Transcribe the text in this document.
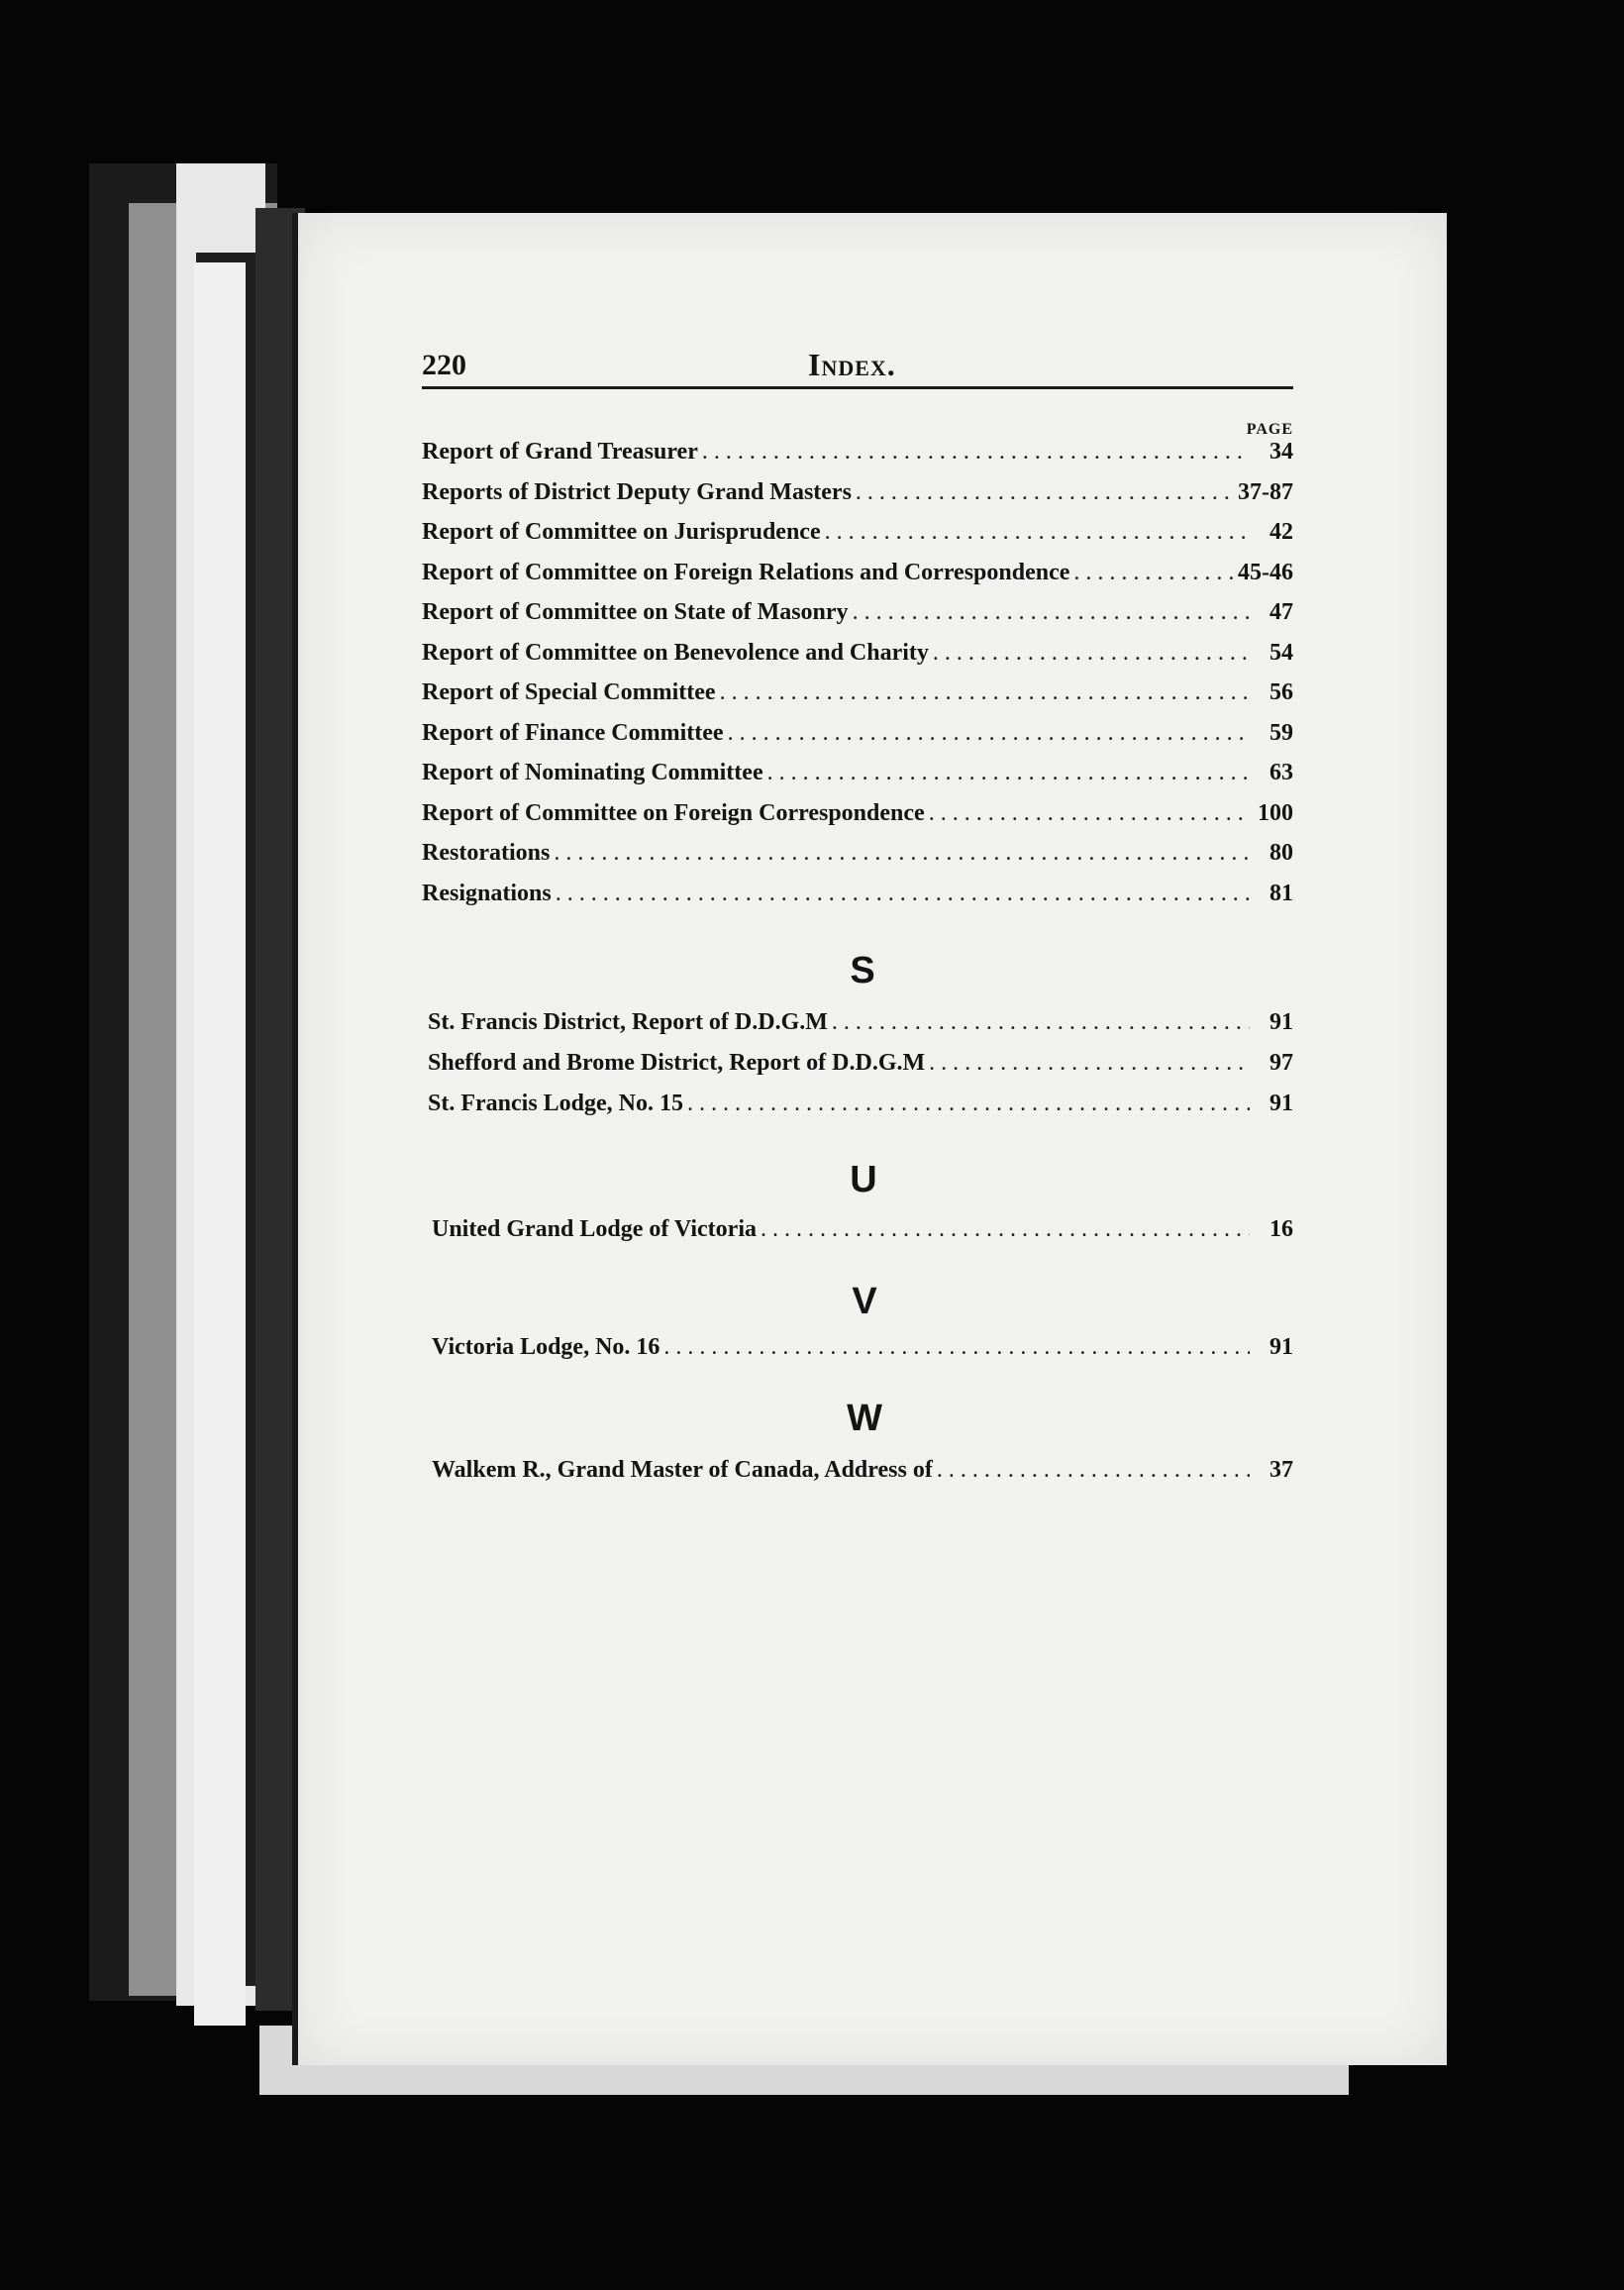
220	Index.
PAGE
Report of Grand Treasurer . . .	34
Reports of District Deputy Grand Masters . . .	37-87
Report of Committee on Jurisprudence . . .	42
Report of Committee on Foreign Relations and Correspondence . . .	45-46
Report of Committee on State of Masonry . . .	47
Report of Committee on Benevolence and Charity . . .	54
Report of Special Committee . . .	56
Report of Finance Committee . . .	59
Report of Nominating Committee . . .	63
Report of Committee on Foreign Correspondence . . .	100
Restorations . . .	80
Resignations . . .	81
S
St. Francis District, Report of D.D.G.M . . .	91
Shefford and Brome District, Report of D.D.G.M . . .	97
St. Francis Lodge, No. 15 . . .	91
U
United Grand Lodge of Victoria . . .	16
V
Victoria Lodge, No. 16 . . .	91
W
Walkem R., Grand Master of Canada, Address of . . .	37
